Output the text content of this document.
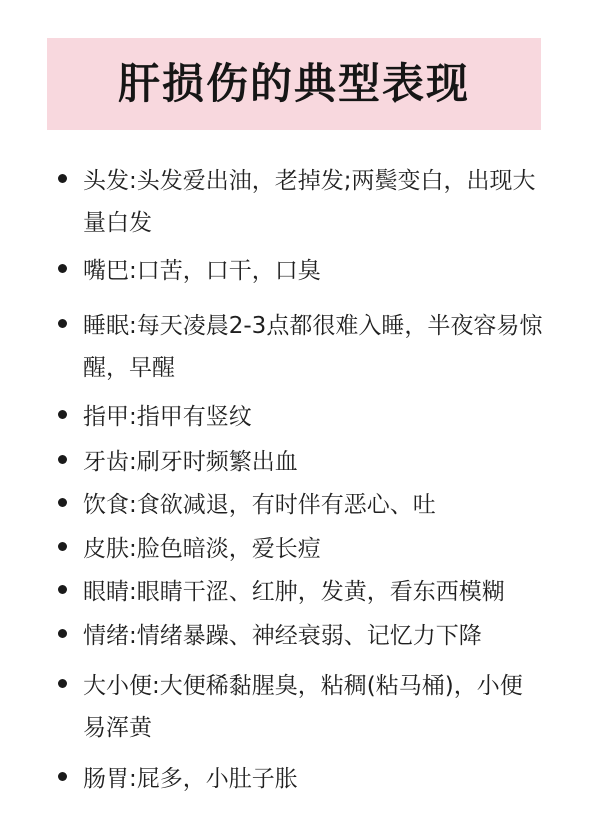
肝损伤的典型表现
头发:头发爱出油，老掉发;两鬓变白，出现大量白发
嘴巴:口苦，口干，口臭
睡眠:每天凌晨2-3点都很难入睡，半夜容易惊醒，早醒
指甲:指甲有竖纹
牙齿:刷牙时频繁出血
饮食:食欲减退，有时伴有恶心、吐
皮肤:脸色暗淡，爱长痘
眼睛:眼睛干涩、红肿，发黄，看东西模糊
情绪:情绪暴躁、神经衰弱、记忆力下降
大小便:大便稀黏腥臭，粘稠(粘马桶)，小便易浑黄
肠胃:屁多，小肚子胀
